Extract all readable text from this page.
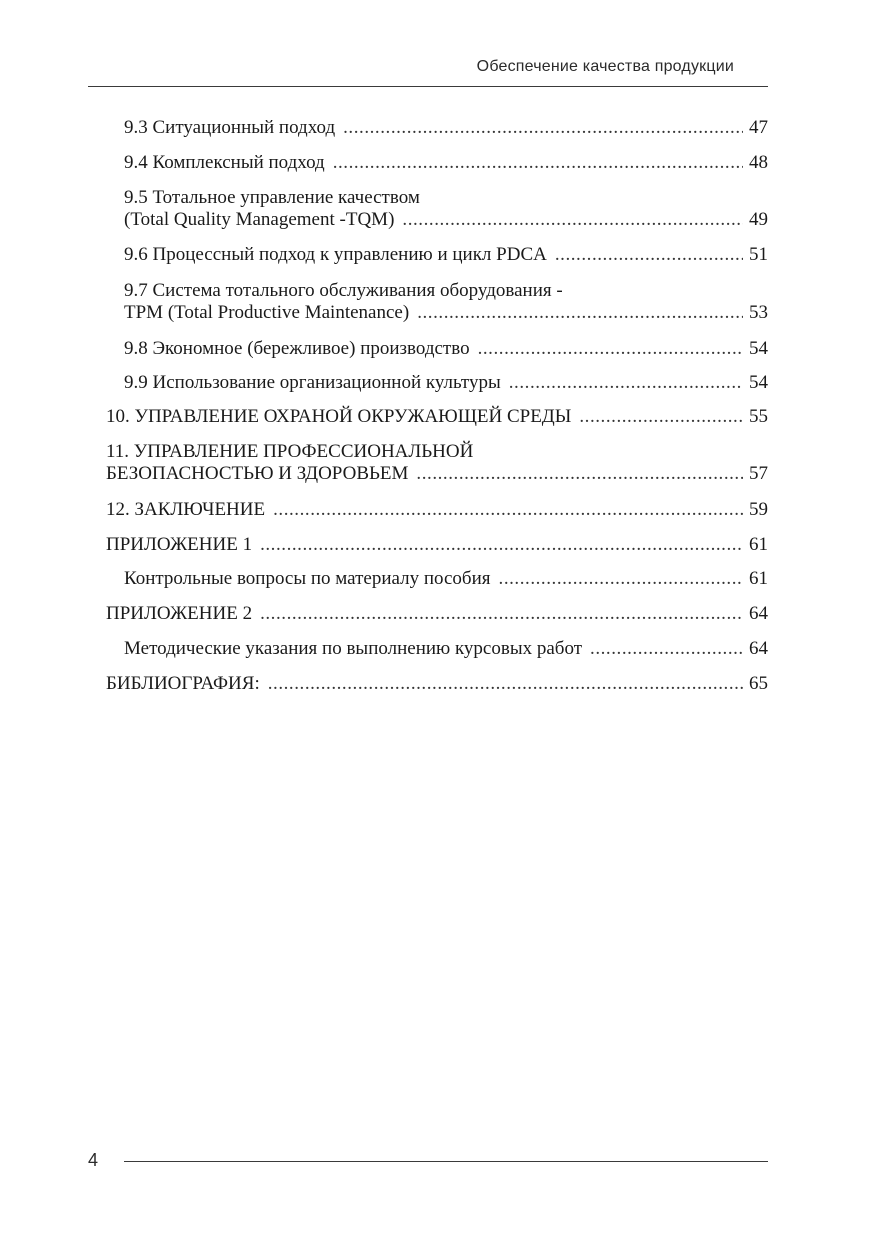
Обеспечение качества продукции
9.3 Ситуационный подход . . .	47
9.4 Комплексный подход . . .	48
9.5 Тотальное управление качеством
(Total Quality Management -TQM) . . .	49
9.6 Процессный подход к управлению и цикл PDCA . . .	51
9.7 Система тотального обслуживания оборудования -
TPM (Total Productive Maintenance) . . .	53
9.8 Экономное (бережливое) производство . . .	54
9.9 Использование организационной культуры . . .	54
10. УПРАВЛЕНИЕ ОХРАНОЙ ОКРУЖАЮЩЕЙ СРЕДЫ . . .	55
11. УПРАВЛЕНИЕ ПРОФЕССИОНАЛЬНОЙ
БЕЗОПАСНОСТЬЮ И ЗДОРОВЬЕМ . . .	57
12. ЗАКЛЮЧЕНИЕ . . .	59
ПРИЛОЖЕНИЕ 1 . . .	61
Контрольные вопросы по материалу пособия . . .	61
ПРИЛОЖЕНИЕ 2 . . .	64
Методические указания по выполнению курсовых работ . . .	64
БИБЛИОГРАФИЯ: . . .	65
4
